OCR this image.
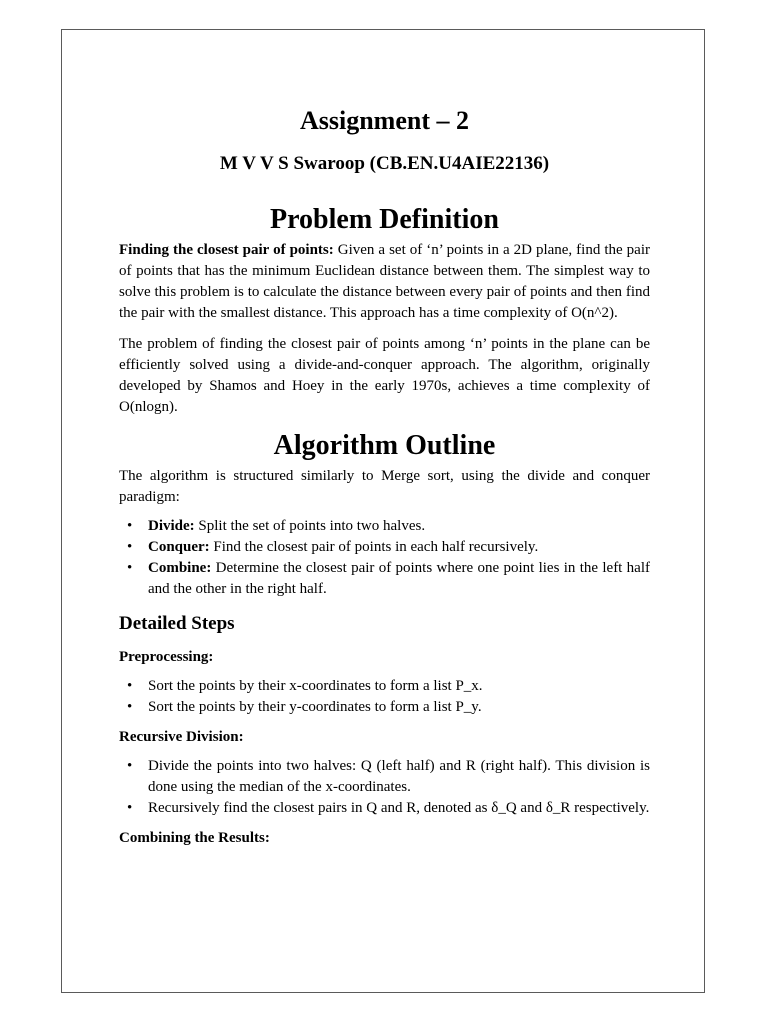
Assignment – 2
M V V S Swaroop (CB.EN.U4AIE22136)
Problem Definition

Finding the closest pair of points: Given a set of ‘n’ points in a 2D plane, find the pair of points that has the minimum Euclidean distance between them. The simplest way to solve this problem is to calculate the distance between every pair of points and then find the pair with the smallest distance. This approach has a time complexity of O(n^2).

The problem of finding the closest pair of points among ‘n’ points in the plane can be efficiently solved using a divide-and-conquer approach. The algorithm, originally developed by Shamos and Hoey in the early 1970s, achieves a time complexity of O(nlogn).

Algorithm Outline

The algorithm is structured similarly to Merge sort, using the divide and conquer paradigm:

• Divide: Split the set of points into two halves.
• Conquer: Find the closest pair of points in each half recursively.
• Combine: Determine the closest pair of points where one point lies in the left half and the other in the right half.
Detailed Steps
Preprocessing:
• Sort the points by their x-coordinates to form a list P_x.
• Sort the points by their y-coordinates to form a list P_y.
Recursive Division:
• Divide the points into two halves: Q (left half) and R (right half). This division is done using the median of the x-coordinates.
• Recursively find the closest pairs in Q and R, denoted as δ_Q and δ_R respectively.
Combining the Results:
